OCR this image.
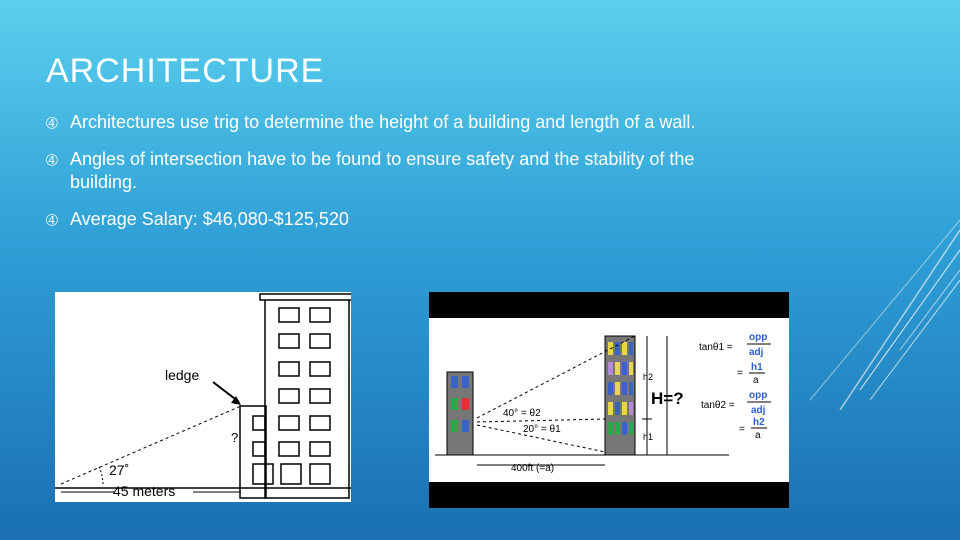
ARCHITECTURE
➃ Architectures use trig to determine the height of a building and length of a wall.
➃ Angles of intersection have to be found to ensure safety and the stability of the building.
➃ Average Salary: $46,080-$125,520
ledge
?
27˚
45 meters
h2
h1
H=?
40° = θ2
20° = θ1
400ft (=a)
tanθ1 =
opp
adj
=
h1
a
tanθ2 =
opp
adj
=
h2
a
